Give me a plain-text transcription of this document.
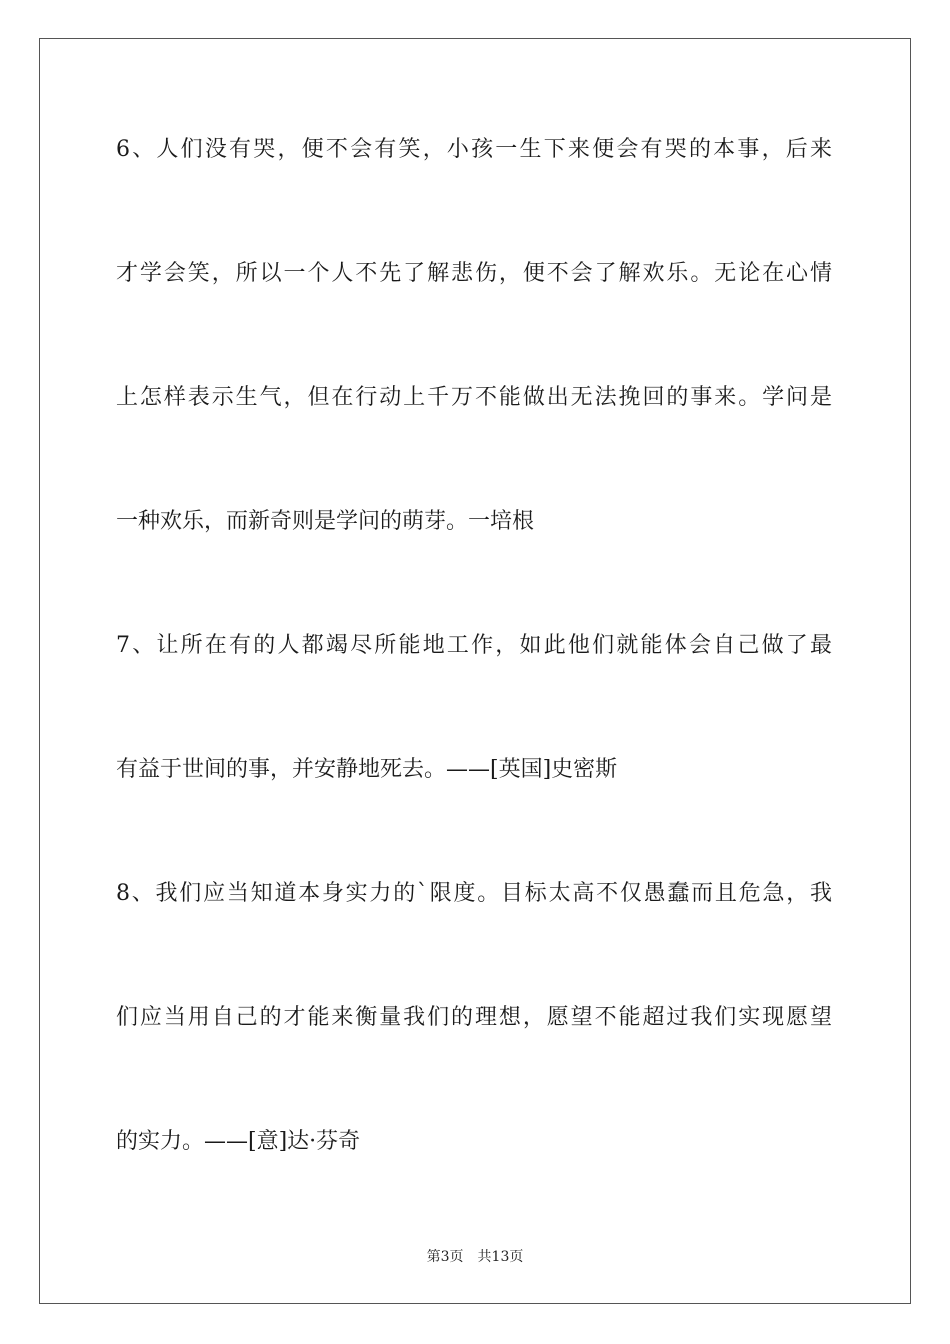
6、人们没有哭，便不会有笑，小孩一生下来便会有哭的本事，后来
才学会笑，所以一个人不先了解悲伤，便不会了解欢乐。无论在心情
上怎样表示生气，但在行动上千万不能做出无法挽回的事来。学问是
一种欢乐，而新奇则是学问的萌芽。一培根
7、让所在有的人都竭尽所能地工作，如此他们就能体会自己做了最
有益于世间的事，并安静地死去。——[英国]史密斯
8、我们应当知道本身实力的`限度。目标太高不仅愚蠢而且危急，我
们应当用自己的才能来衡量我们的理想，愿望不能超过我们实现愿望
的实力。——[意]达·芬奇
第3页 共13页
